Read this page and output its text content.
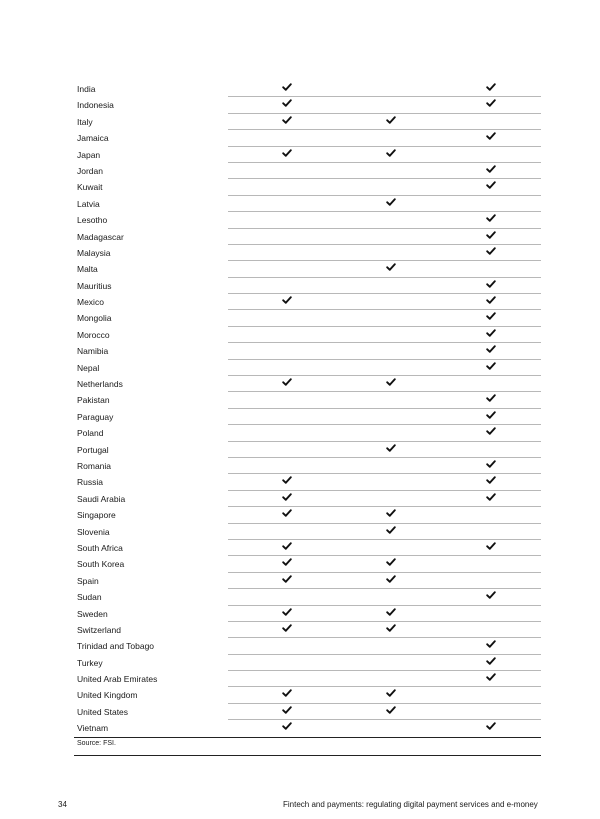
India
Indonesia
Italy
Jamaica
Japan
Jordan
Kuwait
Latvia
Lesotho
Madagascar
Malaysia
Malta
Mauritius
Mexico
Mongolia
Morocco
Namibia
Nepal
Netherlands
Pakistan
Paraguay
Poland
Portugal
Romania
Russia
Saudi Arabia
Singapore
Slovenia
South Africa
South Korea
Spain
Sudan
Sweden
Switzerland
Trinidad and Tobago
Turkey
United Arab Emirates
United Kingdom
United States
Vietnam
Source: FSI.
34	Fintech and payments: regulating digital payment services and e-money
